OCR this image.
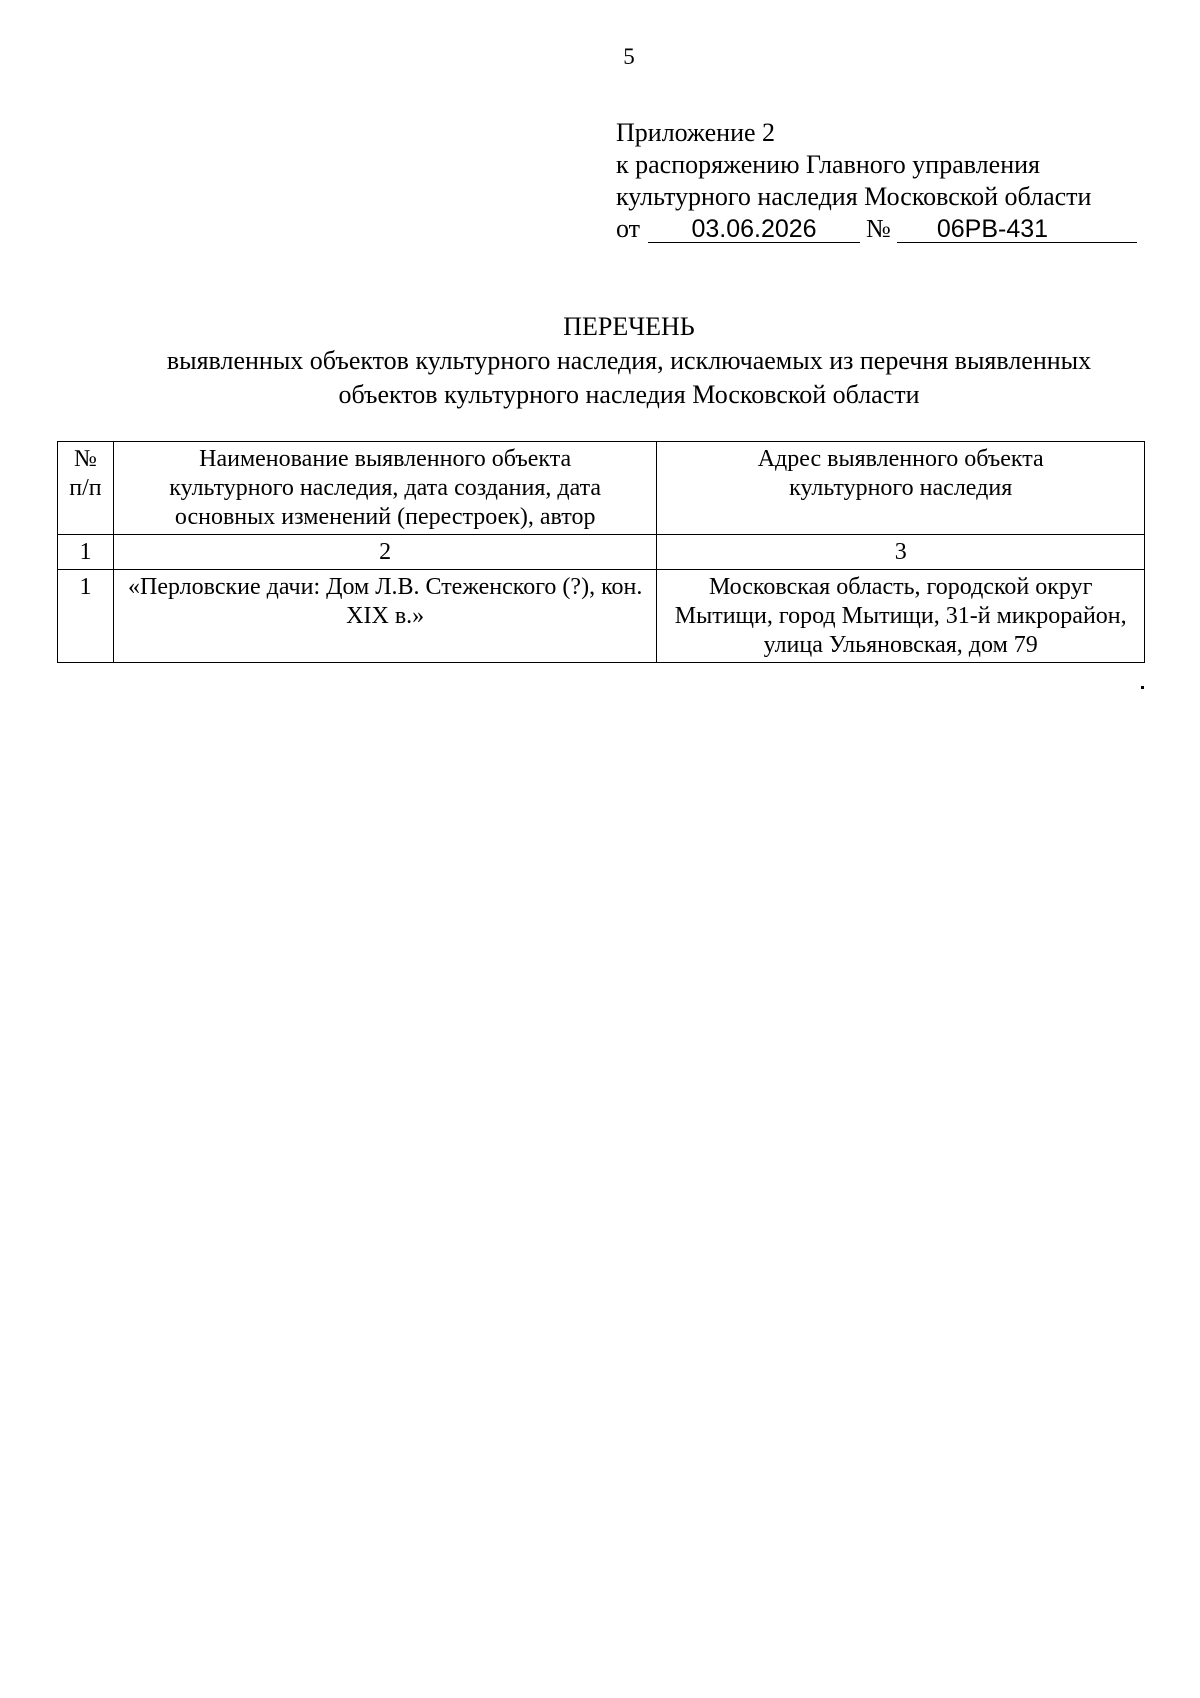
5
Приложение 2
к распоряжению Главного управления
культурного наследия Московской области
от	03.06.2026	№	06РВ-431
ПЕРЕЧЕНЬ
выявленных объектов культурного наследия, исключаемых из перечня выявленных
объектов культурного наследия Московской области
№
п/п	Наименование выявленного объекта культурного наследия, дата создания, дата основных изменений (перестроек), автор	Адрес выявленного объекта культурного наследия
1	2	3
1	«Перловские дачи: Дом Л.В. Стеженского (?), кон. XIX в.»	Московская область, городской округ Мытищи, город Мытищи, 31-й микрорайон, улица Ульяновская, дом 79
